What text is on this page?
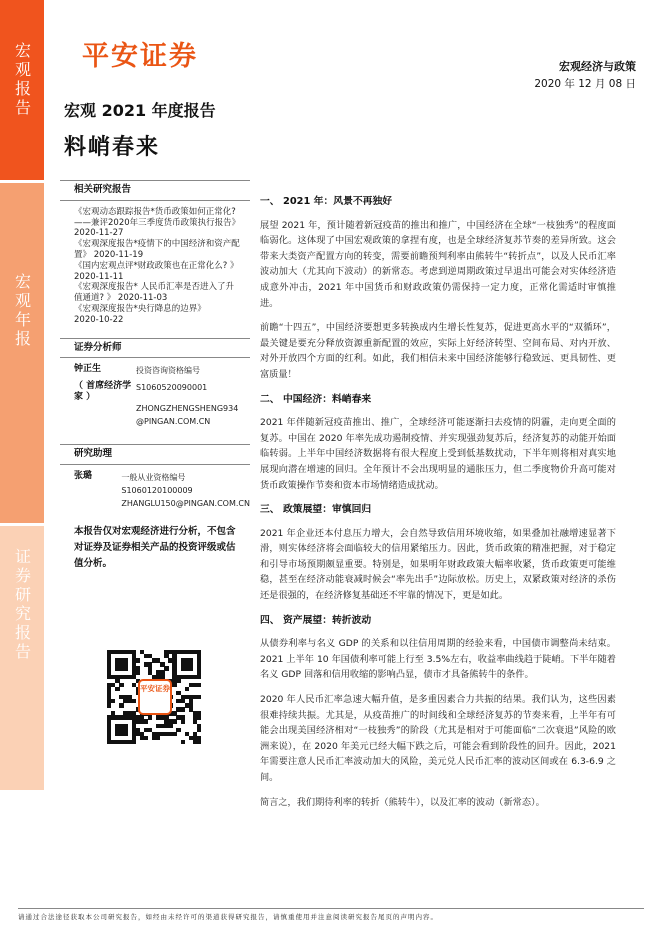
宏观报告
宏观年报
证券研究报告
平安证券	宏观经济与政策
2020 年 12 月 08 日
宏观 2021 年度报告
料峭春来
相关研究报告
《宏观动态跟踪报告*货币政策如何正常化?
——兼评2020年三季度货币政策执行报告》
2020-11-27
《宏观深度报告*疫情下的中国经济和资产配
置》 2020-11-19
《国内宏观点评*财政政策也在正常化么? 》
2020-11-11
《宏观深度报告* 人民币汇率是否进入了升
值通道? 》 2020-11-03
《宏观深度报告*央行降息的边界》
2020-10-22
证券分析师
钟正生	投资咨询资格编号
（ 首席经济学家 ）
S1060520090001
ZHONGZHENGSHENG934
@PINGAN.COM.CN
研究助理
张璐	一般从业资格编号
S1060120100009
ZHANGLU150@PINGAN.COM.CN
本报告仅对宏观经济进行分析，不包含对证券及证券相关产品的投资评级或估值分析。
平安证券
一、 2021 年：风景不再独好

展望 2021 年，预计随着新冠疫苗的推出和推广，中国经济在全球“一枝独秀”的程度面临弱化。这体现了中国宏观政策的拿捏有度，也是全球经济复苏节奏的差异所致。这会带来大类资产配置方向的转变，需要前瞻预判利率由熊转牛“转折点”，以及人民币汇率波动加大（尤其向下波动）的新常态。考虑到逆周期政策过早退出可能会对实体经济造成意外冲击，2021 年中国货币和财政政策仍需保持一定力度，正常化需适时审慎推进。

前瞻“十四五”，中国经济要想更多转换成内生增长性复苏，促进更高水平的“双循环”，最关键是要充分释放资源重新配置的效应，实际上好经济转型、空间布局、对内开放、对外开放四个方面的红利。如此，我们相信未来中国经济能够行稳致远、更具韧性、更富质量！

二、 中国经济：料峭春来

2021 年伴随新冠疫苗推出、推广，全球经济可能逐渐扫去疫情的阴霾，走向更全面的复苏。中国在 2020 年率先成功遏制疫情、并实现强劲复苏后，经济复苏的动能开始面临转弱。上半年中国经济数据将有很大程度上受到低基数扰动，下半年则将相对真实地展现向潜在增速的回归。全年预计不会出现明显的通胀压力，但二季度物价升高可能对货币政策操作节奏和资本市场情绪造成扰动。

三、 政策展望：审慎回归

2021 年企业还本付息压力增大，会自然导致信用环境收缩，如果叠加社融增速显著下滑，则实体经济将会面临较大的信用紧缩压力。因此，货币政策的精准把握，对于稳定和引导市场预期颇显重要。特别是，如果明年财政政策大幅率收紧，货币政策更可能维稳，甚至在经济动能衰减时候会“率先出手”边际放松。历史上，双紧政策对经济的杀伤还是很强的，在经济修复基础还不牢靠的情况下，更是如此。

四、 资产展望：转折波动

从债券利率与名义 GDP 的关系和以往信用周期的经验来看，中国债市调整尚未结束。2021 上半年 10 年国债利率可能上行至 3.5%左右，收益率曲线趋于陡峭。下半年随着名义 GDP 回落和信用收缩的影响凸显，债市才具备熊转牛的条件。

2020 年人民币汇率急速大幅升值，是多重因素合力共振的结果。我们认为，这些因素很难持续共振。尤其是，从疫苗推广的时间线和全球经济复苏的节奏来看，上半年有可能会出现美国经济相对“一枝独秀”的阶段（尤其是相对于可能面临“二次衰退”风险的欧洲来说），在 2020 年美元已经大幅下跌之后，可能会看到阶段性的回升。因此，2021 年需要注意人民币汇率波动加大的风险，美元兑人民币汇率的波动区间或在 6.3-6.9 之间。

简言之，我们期待利率的转折（熊转牛），以及汇率的波动（新常态）。

请通过合法途径获取本公司研究报告，如经由未经许可的渠道获得研究报告，请慎重使用并注意阅读研究报告尾页的声明内容。
